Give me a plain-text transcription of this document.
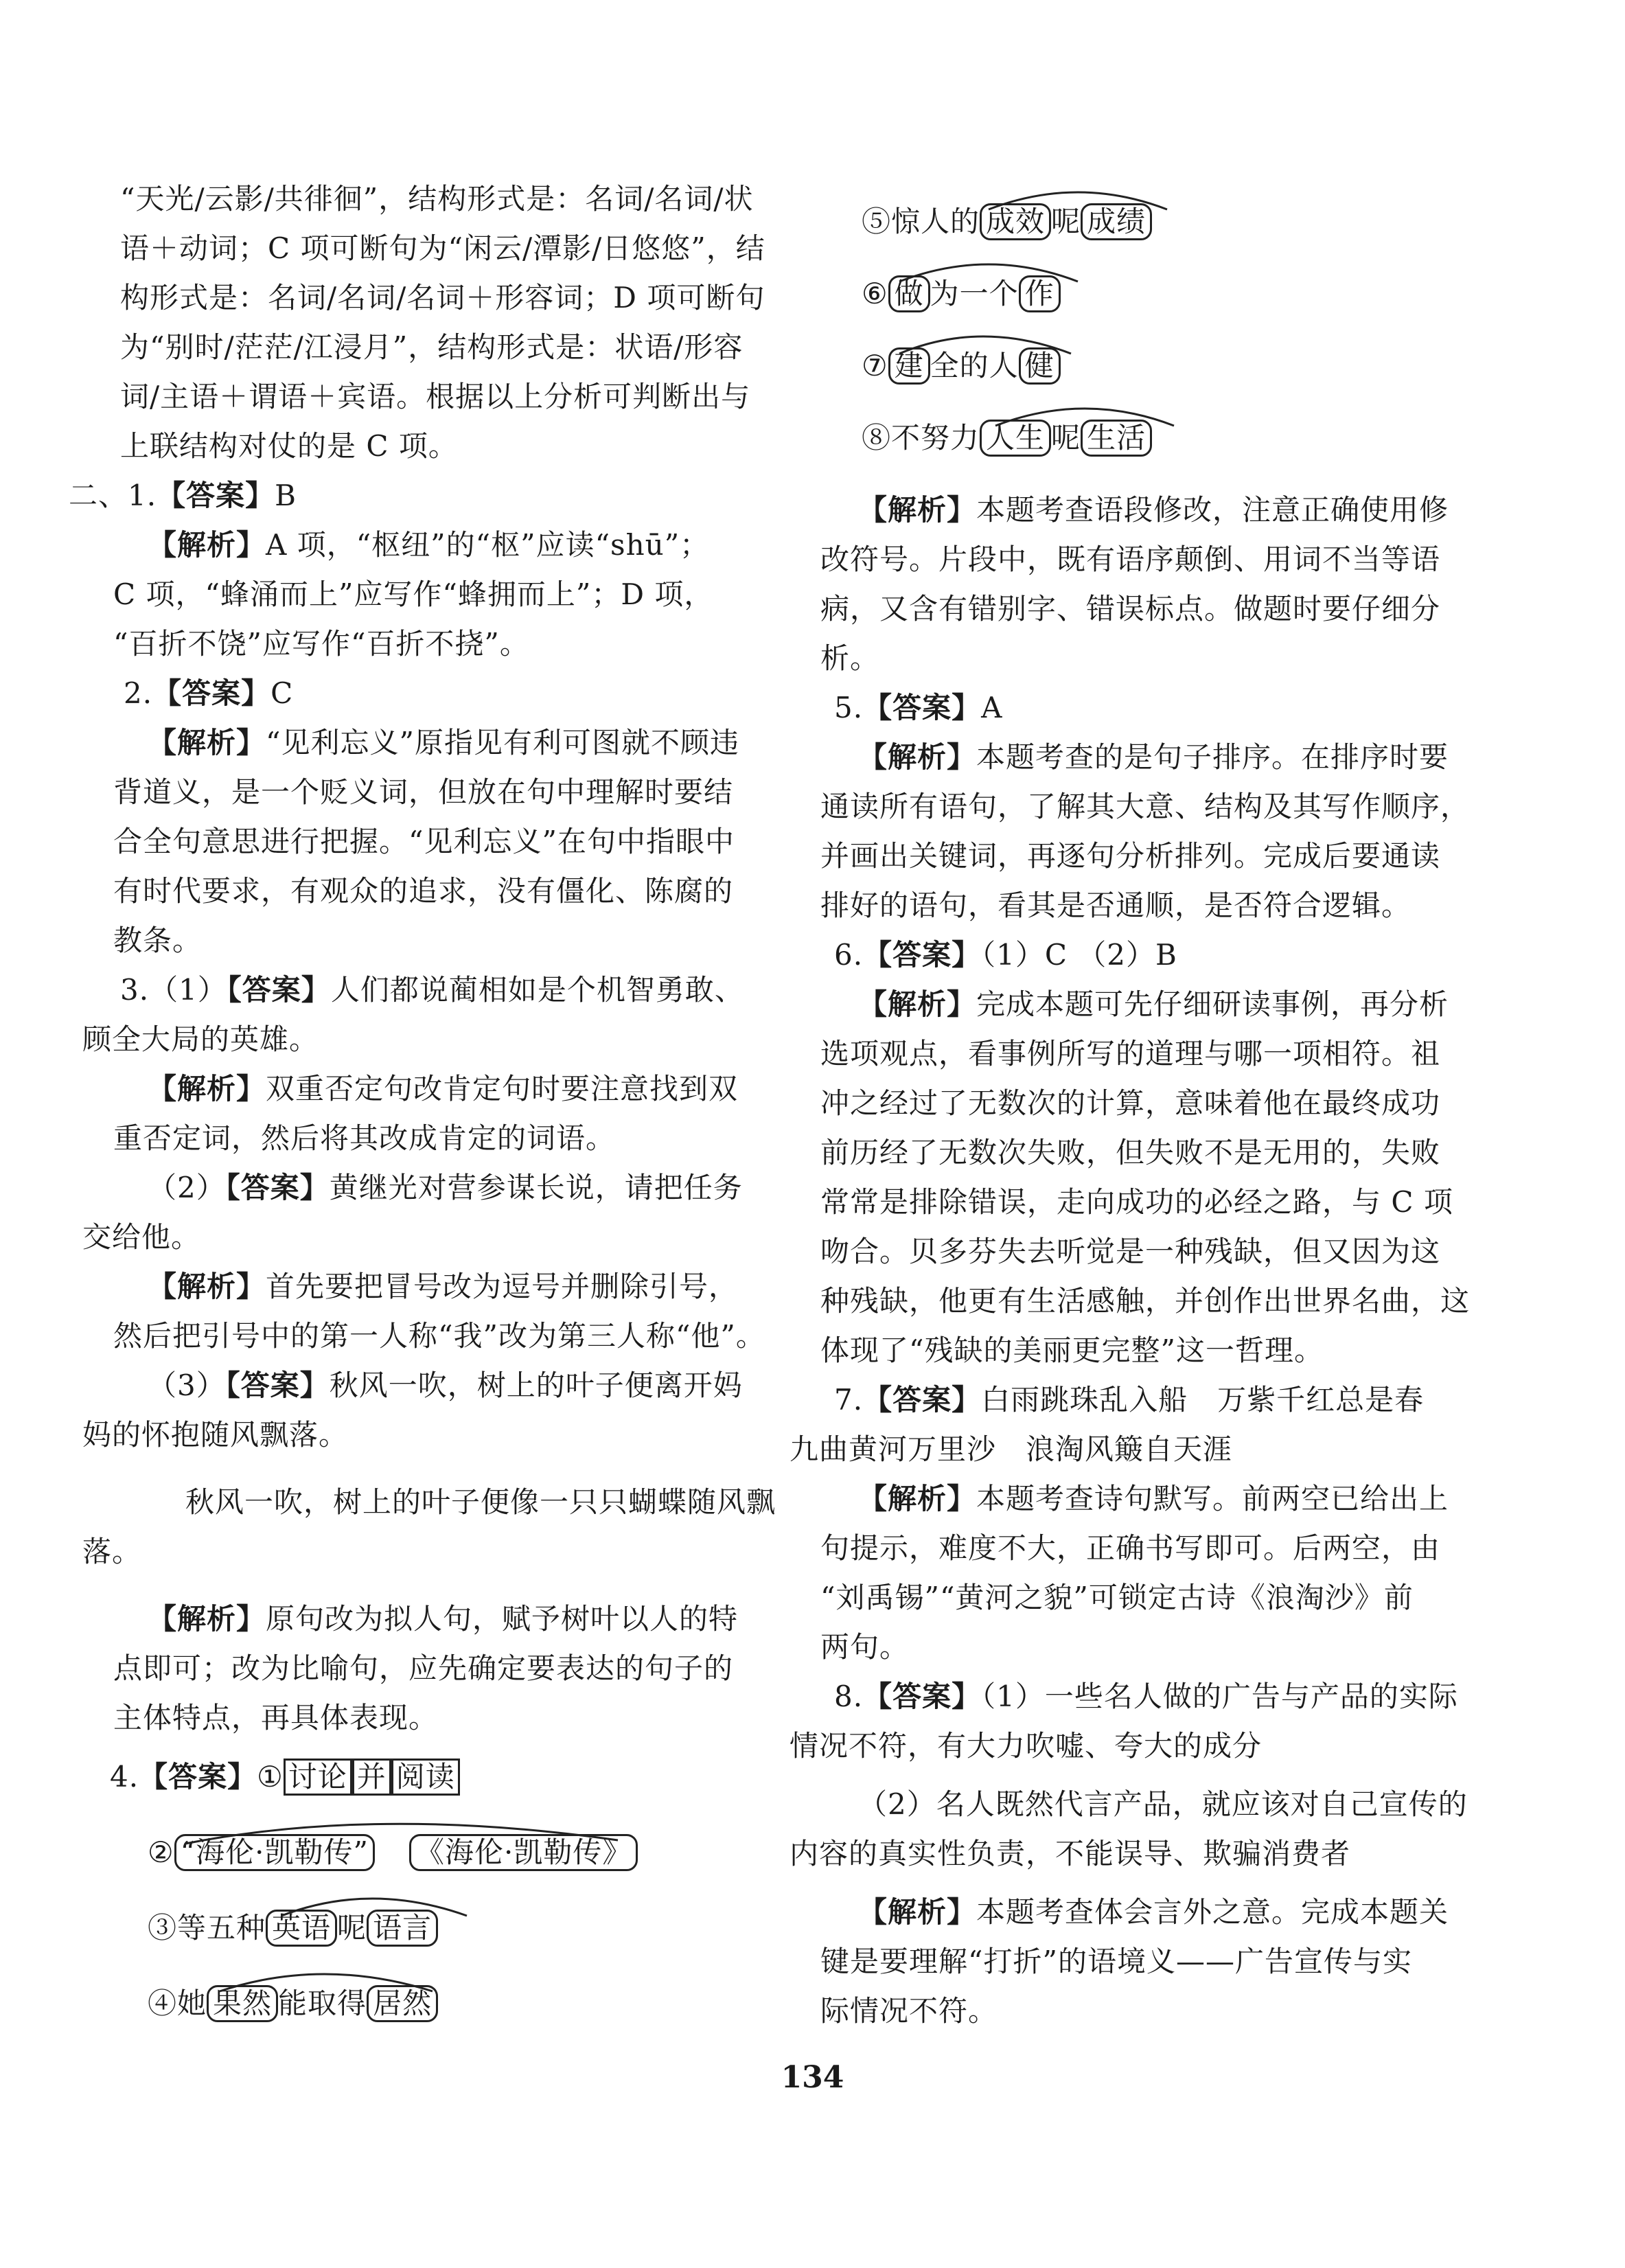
“天光/云影/共徘徊”，结构形式是：名词/名词/状
语＋动词；C 项可断句为“闲云/潭影/日悠悠”，结
构形式是：名词/名词/名词＋形容词；D 项可断句
为“别时/茫茫/江浸月”，结构形式是：状语/形容
词/主语＋谓语＋宾语。根据以上分析可判断出与
上联结构对仗的是 C 项。
二、1.【答案】B
【解析】A 项，“枢纽”的“枢”应读“shū”；
C 项，“蜂涌而上”应写作“蜂拥而上”；D 项，
“百折不饶”应写作“百折不挠”。
2.【答案】C
【解析】“见利忘义”原指见有利可图就不顾违
背道义，是一个贬义词，但放在句中理解时要结
合全句意思进行把握。“见利忘义”在句中指眼中
有时代要求，有观众的追求，没有僵化、陈腐的
教条。
3.（1）【答案】人们都说蔺相如是个机智勇敢、
顾全大局的英雄。
【解析】双重否定句改肯定句时要注意找到双
重否定词，然后将其改成肯定的词语。
（2）【答案】黄继光对营参谋长说，请把任务
交给他。
【解析】首先要把冒号改为逗号并删除引号，
然后把引号中的第一人称“我”改为第三人称“他”。
（3）【答案】秋风一吹，树上的叶子便离开妈
妈的怀抱随风飘落。
秋风一吹，树上的叶子便像一只只蝴蝶随风飘
落。
【解析】原句改为拟人句，赋予树叶以人的特
点即可；改为比喻句，应先确定要表达的句子的
主体特点，再具体表现。
4.【答案】① 讨论 并 阅读
② “海伦·凯勒传” 《海伦·凯勒传》
③等五种 英语 呢 语言
④她 果然 能取得 居然
⑤惊人的 成效 呢 成绩
⑥ 做 为一个 作
⑦ 建 全的人 健
⑧不努力 人生 呢 生活
【解析】本题考查语段修改，注意正确使用修
改符号。片段中，既有语序颠倒、用词不当等语
病，又含有错别字、错误标点。做题时要仔细分
析。
5.【答案】A
【解析】本题考查的是句子排序。在排序时要
通读所有语句，了解其大意、结构及其写作顺序，
并画出关键词，再逐句分析排列。完成后要通读
排好的语句，看其是否通顺，是否符合逻辑。
6.【答案】（1）C （2）B
【解析】完成本题可先仔细研读事例，再分析
选项观点，看事例所写的道理与哪一项相符。祖
冲之经过了无数次的计算，意味着他在最终成功
前历经了无数次失败，但失败不是无用的，失败
常常是排除错误，走向成功的必经之路，与 C 项
吻合。贝多芬失去听觉是一种残缺，但又因为这
种残缺，他更有生活感触，并创作出世界名曲，这
体现了“残缺的美丽更完整”这一哲理。
7.【答案】白雨跳珠乱入船　万紫千红总是春
九曲黄河万里沙　浪淘风簸自天涯
【解析】本题考查诗句默写。前两空已给出上
句提示，难度不大，正确书写即可。后两空，由
“刘禹锡”“黄河之貌”可锁定古诗《浪淘沙》前
两句。
8.【答案】（1）一些名人做的广告与产品的实际
情况不符，有大力吹嘘、夸大的成分
（2）名人既然代言产品，就应该对自己宣传的
内容的真实性负责，不能误导、欺骗消费者
【解析】本题考查体会言外之意。完成本题关
键是要理解“打折”的语境义——广告宣传与实
际情况不符。
134
